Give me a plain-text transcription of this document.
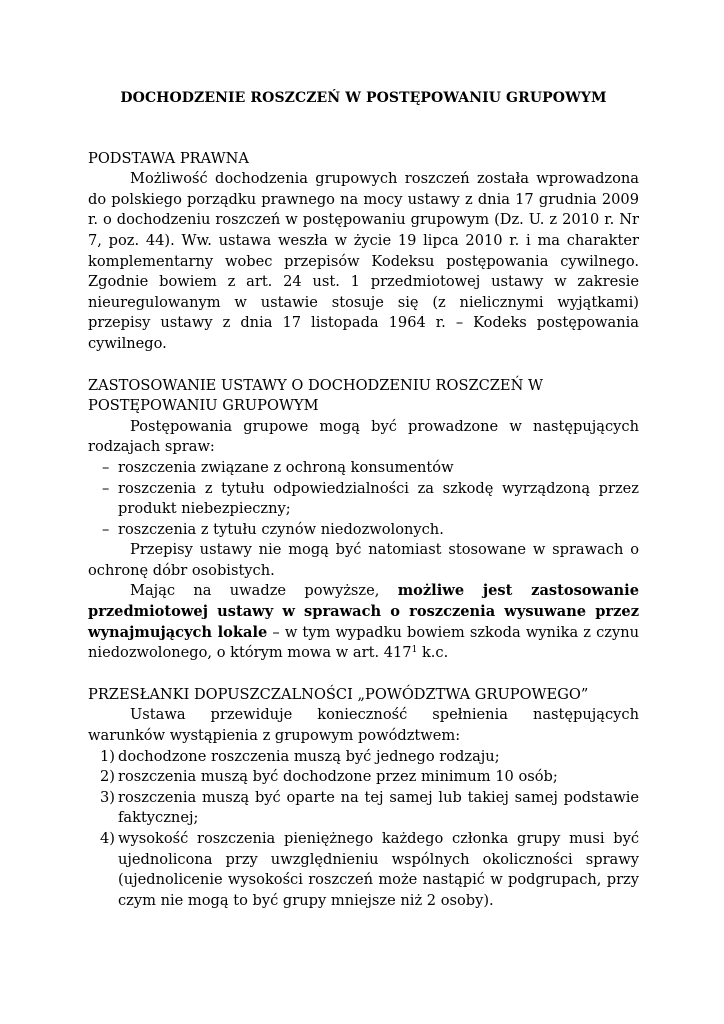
DOCHODZENIE ROSZCZEŃ W POSTĘPOWANIU GRUPOWYM
PODSTAWA PRAWNA

Możliwość dochodzenia grupowych roszczeń została wprowadzona do polskiego porządku prawnego na mocy ustawy z dnia 17 grudnia 2009 r. o dochodzeniu roszczeń w postępowaniu grupowym (Dz. U. z 2010 r. Nr 7, poz. 44). Ww. ustawa weszła w życie 19 lipca 2010 r. i ma charakter komplementarny wobec przepisów Kodeksu postępowania cywilnego. Zgodnie bowiem z art. 24 ust. 1 przedmiotowej ustawy w zakresie nieuregulowanym w ustawie stosuje się (z nielicznymi wyjątkami) przepisy ustawy z dnia 17 listopada 1964 r. – Kodeks postępowania cywilnego.

ZASTOSOWANIE USTAWY O DOCHODZENIU ROSZCZEŃ W POSTĘPOWANIU GRUPOWYM

Postępowania grupowe mogą być prowadzone w następujących rodzajach spraw:

– roszczenia związane z ochroną konsumentów
– roszczenia z tytułu odpowiedzialności za szkodę wyrządzoną przez produkt niebezpieczny;
– roszczenia z tytułu czynów niedozwolonych.

Przepisy ustawy nie mogą być natomiast stosowane w sprawach o ochronę dóbr osobistych.

Mając na uwadze powyższe, możliwe jest zastosowanie przedmiotowej ustawy w sprawach o roszczenia wysuwane przez wynajmujących lokale – w tym wypadku bowiem szkoda wynika z czynu niedozwolonego, o którym mowa w art. $417^1$ k.c.

PRZESŁANKI DOPUSZCZALNOŚCI „POWÓDZTWA GRUPOWEGO”

Ustawa przewiduje konieczność spełnienia następujących warunków wystąpienia z grupowym powództwem:

1) dochodzone roszczenia muszą być jednego rodzaju;
2) roszczenia muszą być dochodzone przez minimum 10 osób;
3) roszczenia muszą być oparte na tej samej lub takiej samej podstawie faktycznej;
4) wysokość roszczenia pieniężnego każdego członka grupy musi być ujednolicona przy uwzględnieniu wspólnych okoliczności sprawy (ujednolicenie wysokości roszczeń może nastąpić w podgrupach, przy czym nie mogą to być grupy mniejsze niż 2 osoby).
